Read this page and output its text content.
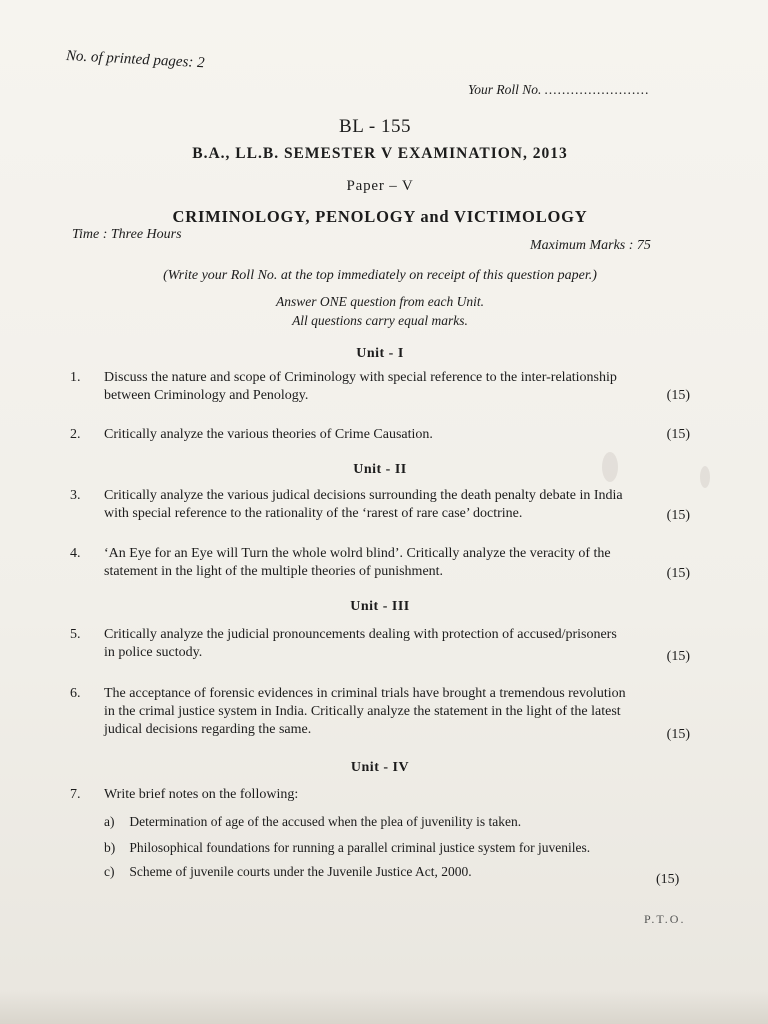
No. of printed pages: 2
Your Roll No. ........................
BL - 155
B.A., LL.B. SEMESTER V EXAMINATION, 2013
Paper – V
CRIMINOLOGY, PENOLOGY and VICTIMOLOGY
Time : Three Hours
Maximum Marks : 75
(Write your Roll No. at the top immediately on receipt of this question paper.)
Answer ONE question from each Unit.
All questions carry equal marks.
Unit - I
1.	Discuss the nature and scope of Criminology with special reference to the inter-relationship
between Criminology and Penology.	(15)
2.	Critically analyze the various theories of Crime Causation.	(15)
Unit - II
3.	Critically analyze the various judical decisions surrounding the death penalty debate in India
with special reference to the rationality of the ‘rarest of rare case’ doctrine.	(15)
4.	‘An Eye for an Eye will Turn the whole wolrd blind’. Critically analyze the veracity of the
statement in the light of the multiple theories of punishment.	(15)
Unit - III
5.	Critically analyze the judicial pronouncements dealing with protection of accused/prisoners
in police suctody.	(15)
6.	The acceptance of forensic evidences in criminal trials have brought a tremendous revolution
in the crimal justice system in India. Critically analyze the statement in the light of the latest
judical decisions regarding the same.	(15)
Unit - IV
7.	Write brief notes on the following:
a) Determination of age of the accused when the plea of juvenility is taken.
b) Philosophical foundations for running a parallel criminal justice system for juveniles.
c) Scheme of juvenile courts under the Juvenile Justice Act, 2000.
(15)
P.T.O.
